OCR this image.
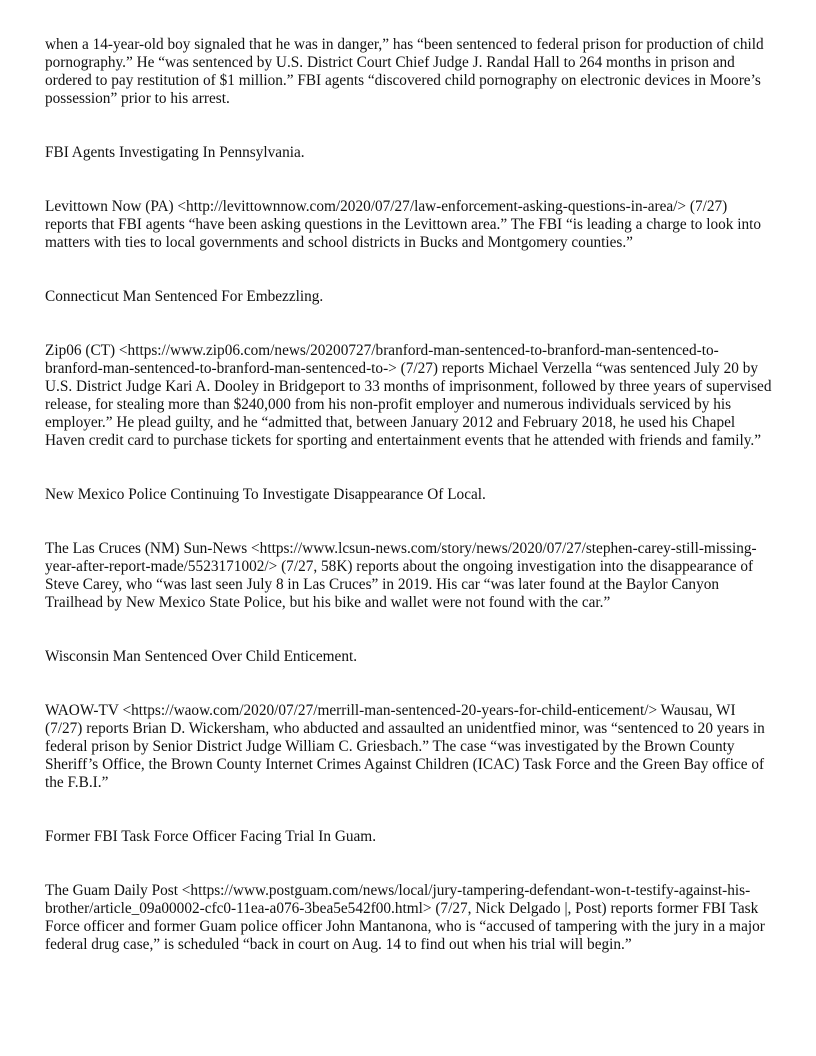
when a 14-year-old boy signaled that he was in danger,” has “been sentenced to federal prison for production of child pornography.” He “was sentenced by U.S. District Court Chief Judge J. Randal Hall to 264 months in prison and ordered to pay restitution of $1 million.” FBI agents “discovered child pornography on electronic devices in Moore’s possession” prior to his arrest.

FBI Agents Investigating In Pennsylvania.

Levittown Now (PA) <http://levittownnow.com/2020/07/27/law-enforcement-asking-questions-in-area/> (7/27) reports that FBI agents “have been asking questions in the Levittown area.” The FBI “is leading a charge to look into matters with ties to local governments and school districts in Bucks and Montgomery counties.”

Connecticut Man Sentenced For Embezzling.

Zip06 (CT) <https://www.zip06.com/news/20200727/branford-man-sentenced-to-branford-man-sentenced-to-branford-man-sentenced-to-branford-man-sentenced-to-> (7/27) reports Michael Verzella “was sentenced July 20 by U.S. District Judge Kari A. Dooley in Bridgeport to 33 months of imprisonment, followed by three years of supervised release, for stealing more than $240,000 from his non-profit employer and numerous individuals serviced by his employer.” He plead guilty, and he “admitted that, between January 2012 and February 2018, he used his Chapel Haven credit card to purchase tickets for sporting and entertainment events that he attended with friends and family.”

New Mexico Police Continuing To Investigate Disappearance Of Local.

The Las Cruces (NM) Sun-News <https://www.lcsun-news.com/story/news/2020/07/27/stephen-carey-still-missing-year-after-report-made/5523171002/> (7/27, 58K) reports about the ongoing investigation into the disappearance of Steve Carey, who “was last seen July 8 in Las Cruces” in 2019. His car “was later found at the Baylor Canyon Trailhead by New Mexico State Police, but his bike and wallet were not found with the car.”

Wisconsin Man Sentenced Over Child Enticement.

WAOW-TV <https://waow.com/2020/07/27/merrill-man-sentenced-20-years-for-child-enticement/> Wausau, WI (7/27) reports Brian D. Wickersham, who abducted and assaulted an unidentfied minor, was “sentenced to 20 years in federal prison by Senior District Judge William C. Griesbach.” The case “was investigated by the Brown County Sheriff’s Office, the Brown County Internet Crimes Against Children (ICAC) Task Force and the Green Bay office of the F.B.I.”

Former FBI Task Force Officer Facing Trial In Guam.

The Guam Daily Post <https://www.postguam.com/news/local/jury-tampering-defendant-won-t-testify-against-his-brother/article_09a00002-cfc0-11ea-a076-3bea5e542f00.html> (7/27, Nick Delgado |, Post) reports former FBI Task Force officer and former Guam police officer John Mantanona, who is “accused of tampering with the jury in a major federal drug case,” is scheduled “back in court on Aug. 14 to find out when his trial will begin.”
